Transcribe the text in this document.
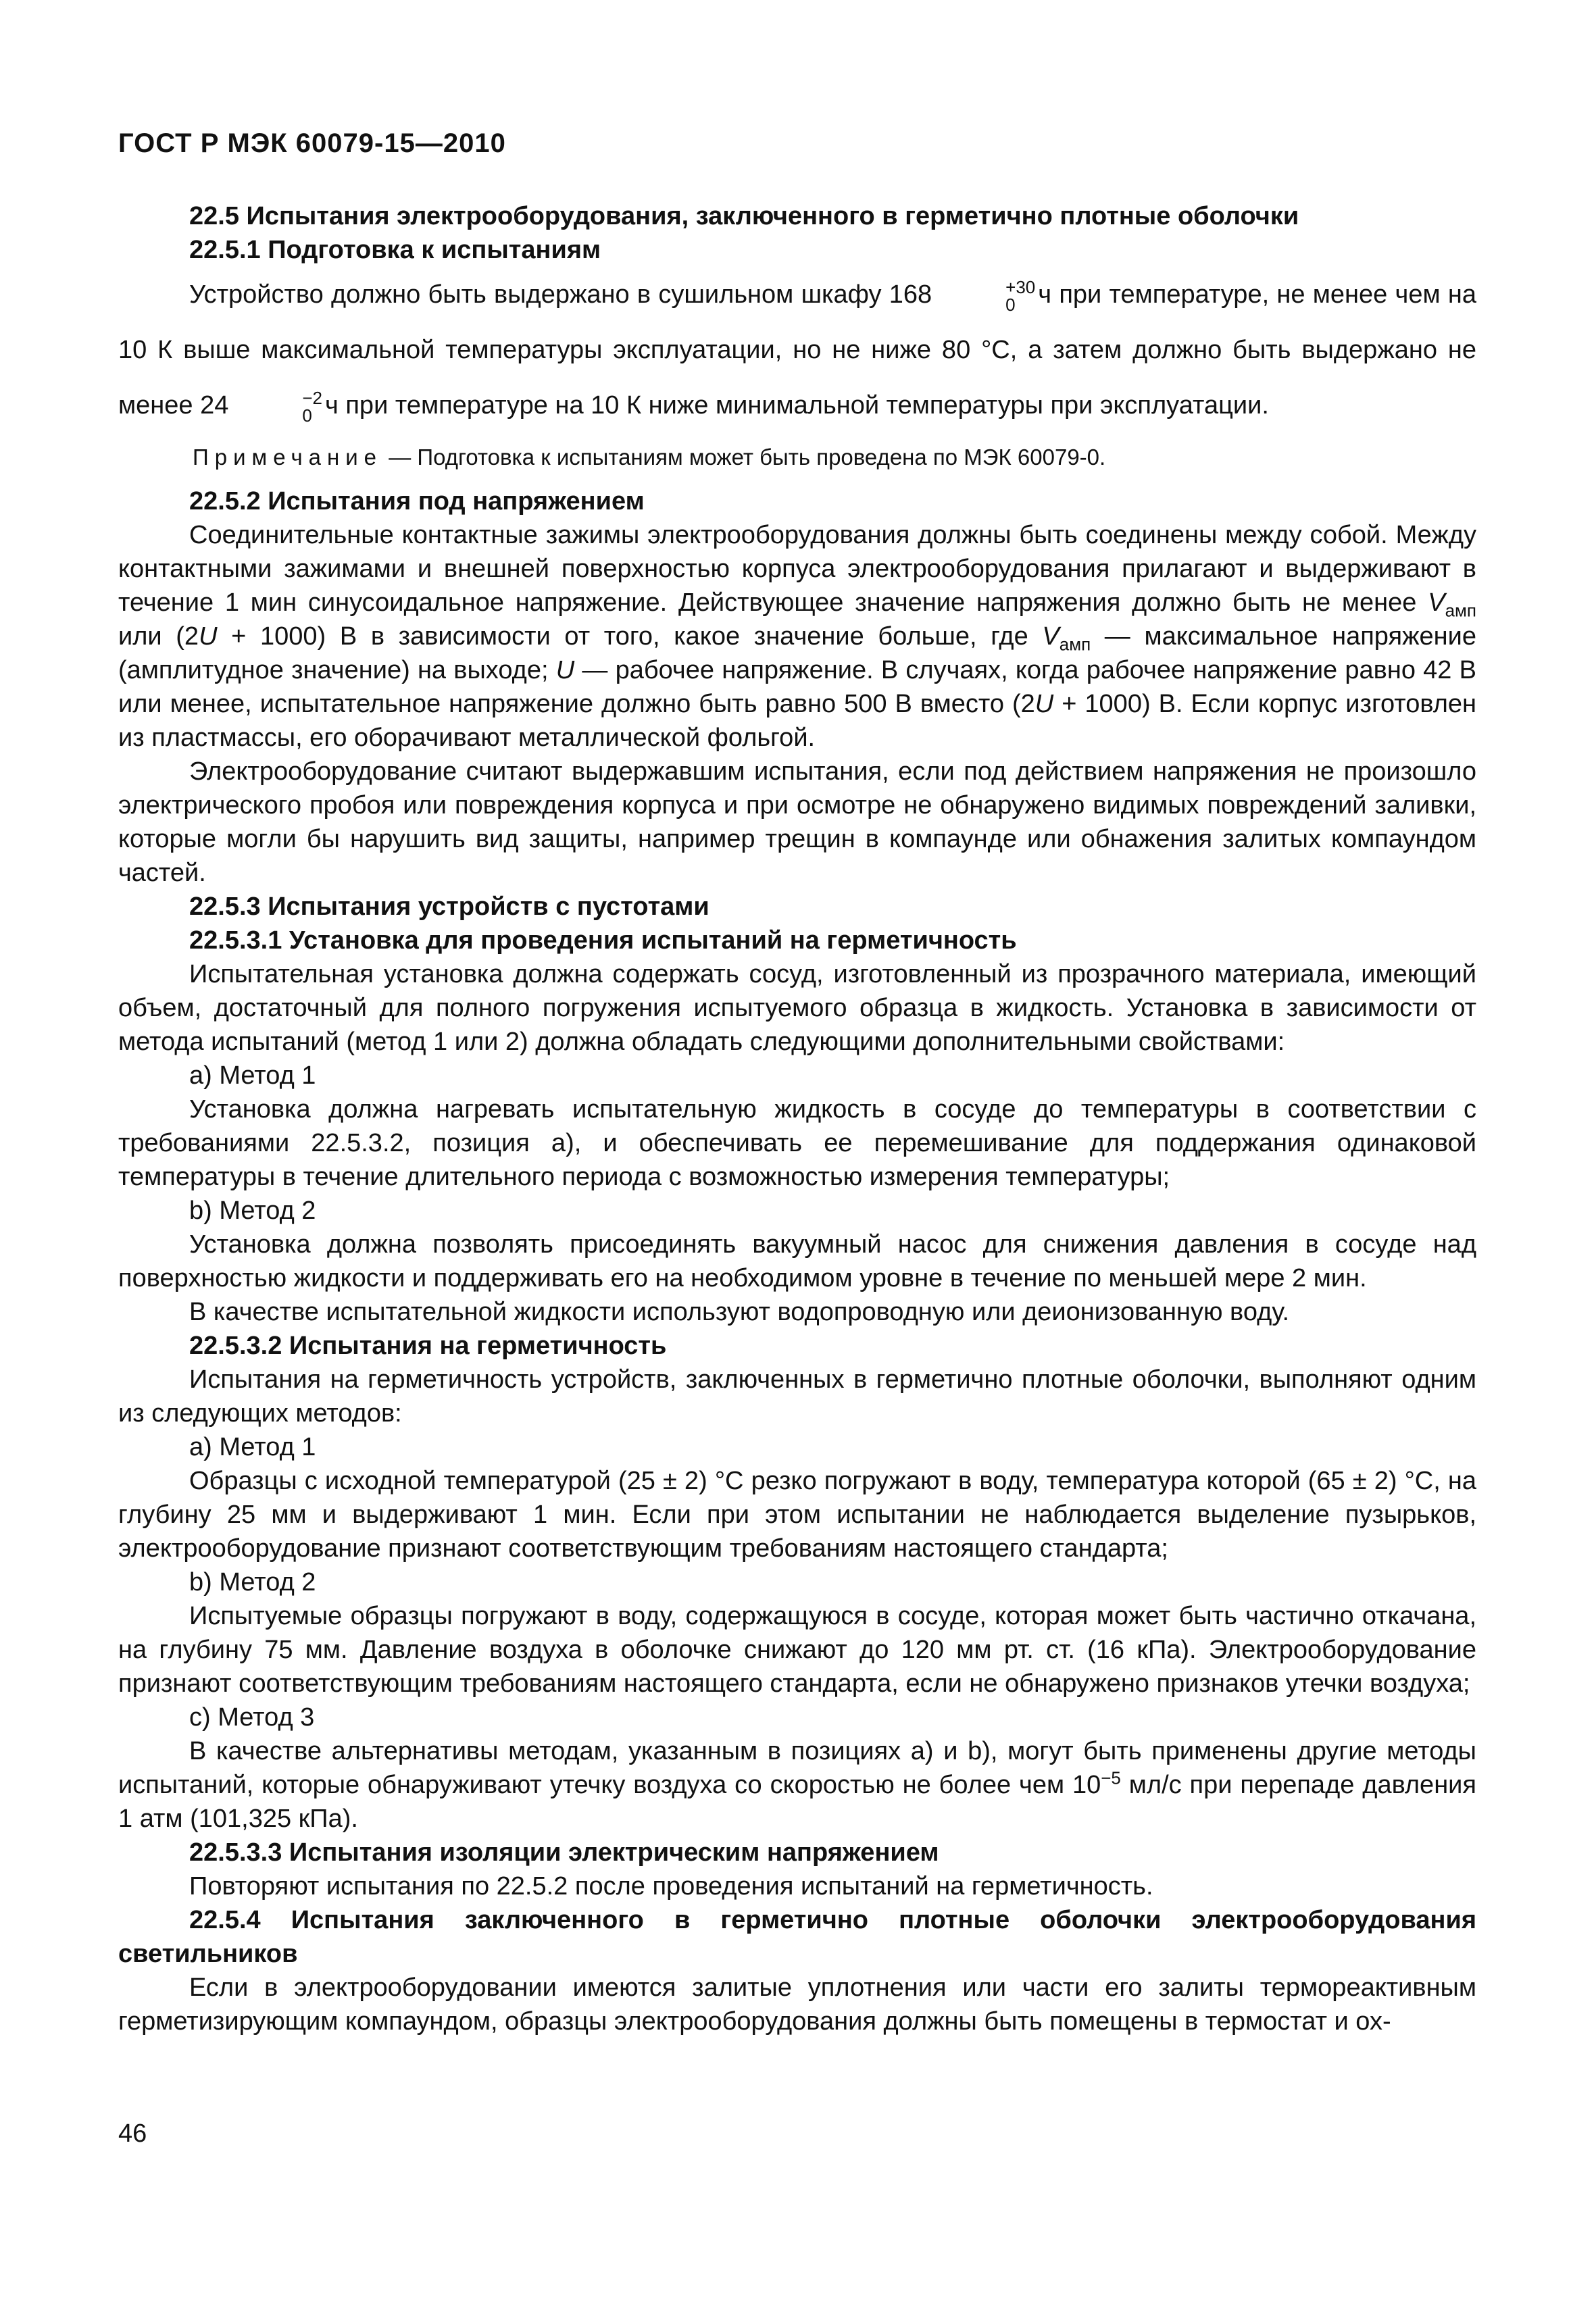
ГОСТ Р МЭК 60079-15—2010

22.5 Испытания электрооборудования, заключенного в герметично плотные оболочки

22.5.1 Подготовка к испытаниям

Устройство должно быть выдержано в сушильном шкафу 168	+30
0 ч при температуре, не менее чем на 10 К выше максимальной температуры эксплуатации, но не ниже 80 °С, а затем должно быть выдержано не менее 24	−2
0 ч при температуре на 10 К ниже минимальной температуры при эксплуатации.

Примечание — Подготовка к испытаниям может быть проведена по МЭК 60079-0.

22.5.2 Испытания под напряжением

Соединительные контактные зажимы электрооборудования должны быть соединены между собой. Между контактными зажимами и внешней поверхностью корпуса электрооборудования прилагают и выдерживают в течение 1 мин синусоидальное напряжение. Действующее значение напряжения должно быть не менее $V_{амп}$ или (2U + 1000) В в зависимости от того, какое значение больше, где $V_{амп}$ — максимальное напряжение (амплитудное значение) на выходе; U — рабочее напряжение. В случаях, когда рабочее напряжение равно 42 В или менее, испытательное напряжение должно быть равно 500 В вместо (2U + 1000) В. Если корпус изготовлен из пластмассы, его оборачивают металлической фольгой.

Электрооборудование считают выдержавшим испытания, если под действием напряжения не произошло электрического пробоя или повреждения корпуса и при осмотре не обнаружено видимых повреждений заливки, которые могли бы нарушить вид защиты, например трещин в компаунде или обнажения залитых компаундом частей.

22.5.3 Испытания устройств с пустотами

22.5.3.1 Установка для проведения испытаний на герметичность

Испытательная установка должна содержать сосуд, изготовленный из прозрачного материала, имеющий объем, достаточный для полного погружения испытуемого образца в жидкость. Установка в зависимости от метода испытаний (метод 1 или 2) должна обладать следующими дополнительными свойствами:

a) Метод 1

Установка должна нагревать испытательную жидкость в сосуде до температуры в соответствии с требованиями 22.5.3.2, позиция а), и обеспечивать ее перемешивание для поддержания одинаковой температуры в течение длительного периода с возможностью измерения температуры;

b) Метод 2

Установка должна позволять присоединять вакуумный насос для снижения давления в сосуде над поверхностью жидкости и поддерживать его на необходимом уровне в течение по меньшей мере 2 мин.

В качестве испытательной жидкости используют водопроводную или деионизованную воду.

22.5.3.2 Испытания на герметичность

Испытания на герметичность устройств, заключенных в герметично плотные оболочки, выполняют одним из следующих методов:

а) Метод 1

Образцы с исходной температурой (25 ± 2) °С резко погружают в воду, температура которой (65 ± 2) °С, на глубину 25 мм и выдерживают 1 мин. Если при этом испытании не наблюдается выделение пузырьков, электрооборудование признают соответствующим требованиям настоящего стандарта;

b) Метод 2

Испытуемые образцы погружают в воду, содержащуюся в сосуде, которая может быть частично откачана, на глубину 75 мм. Давление воздуха в оболочке снижают до 120 мм рт. ст. (16 кПа). Электрооборудование признают соответствующим требованиям настоящего стандарта, если не обнаружено признаков утечки воздуха;

с) Метод 3

В качестве альтернативы методам, указанным в позициях а) и b), могут быть применены другие методы испытаний, которые обнаруживают утечку воздуха со скоростью не более чем $10^{-5}$ мл/с при перепаде давления 1 атм (101,325 кПа).

22.5.3.3 Испытания изоляции электрическим напряжением

Повторяют испытания по 22.5.2 после проведения испытаний на герметичность.

22.5.4 Испытания заключенного в герметично плотные оболочки электрооборудования светильников

Если в электрооборудовании имеются залитые уплотнения или части его залиты термореактивным герметизирующим компаундом, образцы электрооборудования должны быть помещены в термостат и ох-

46
